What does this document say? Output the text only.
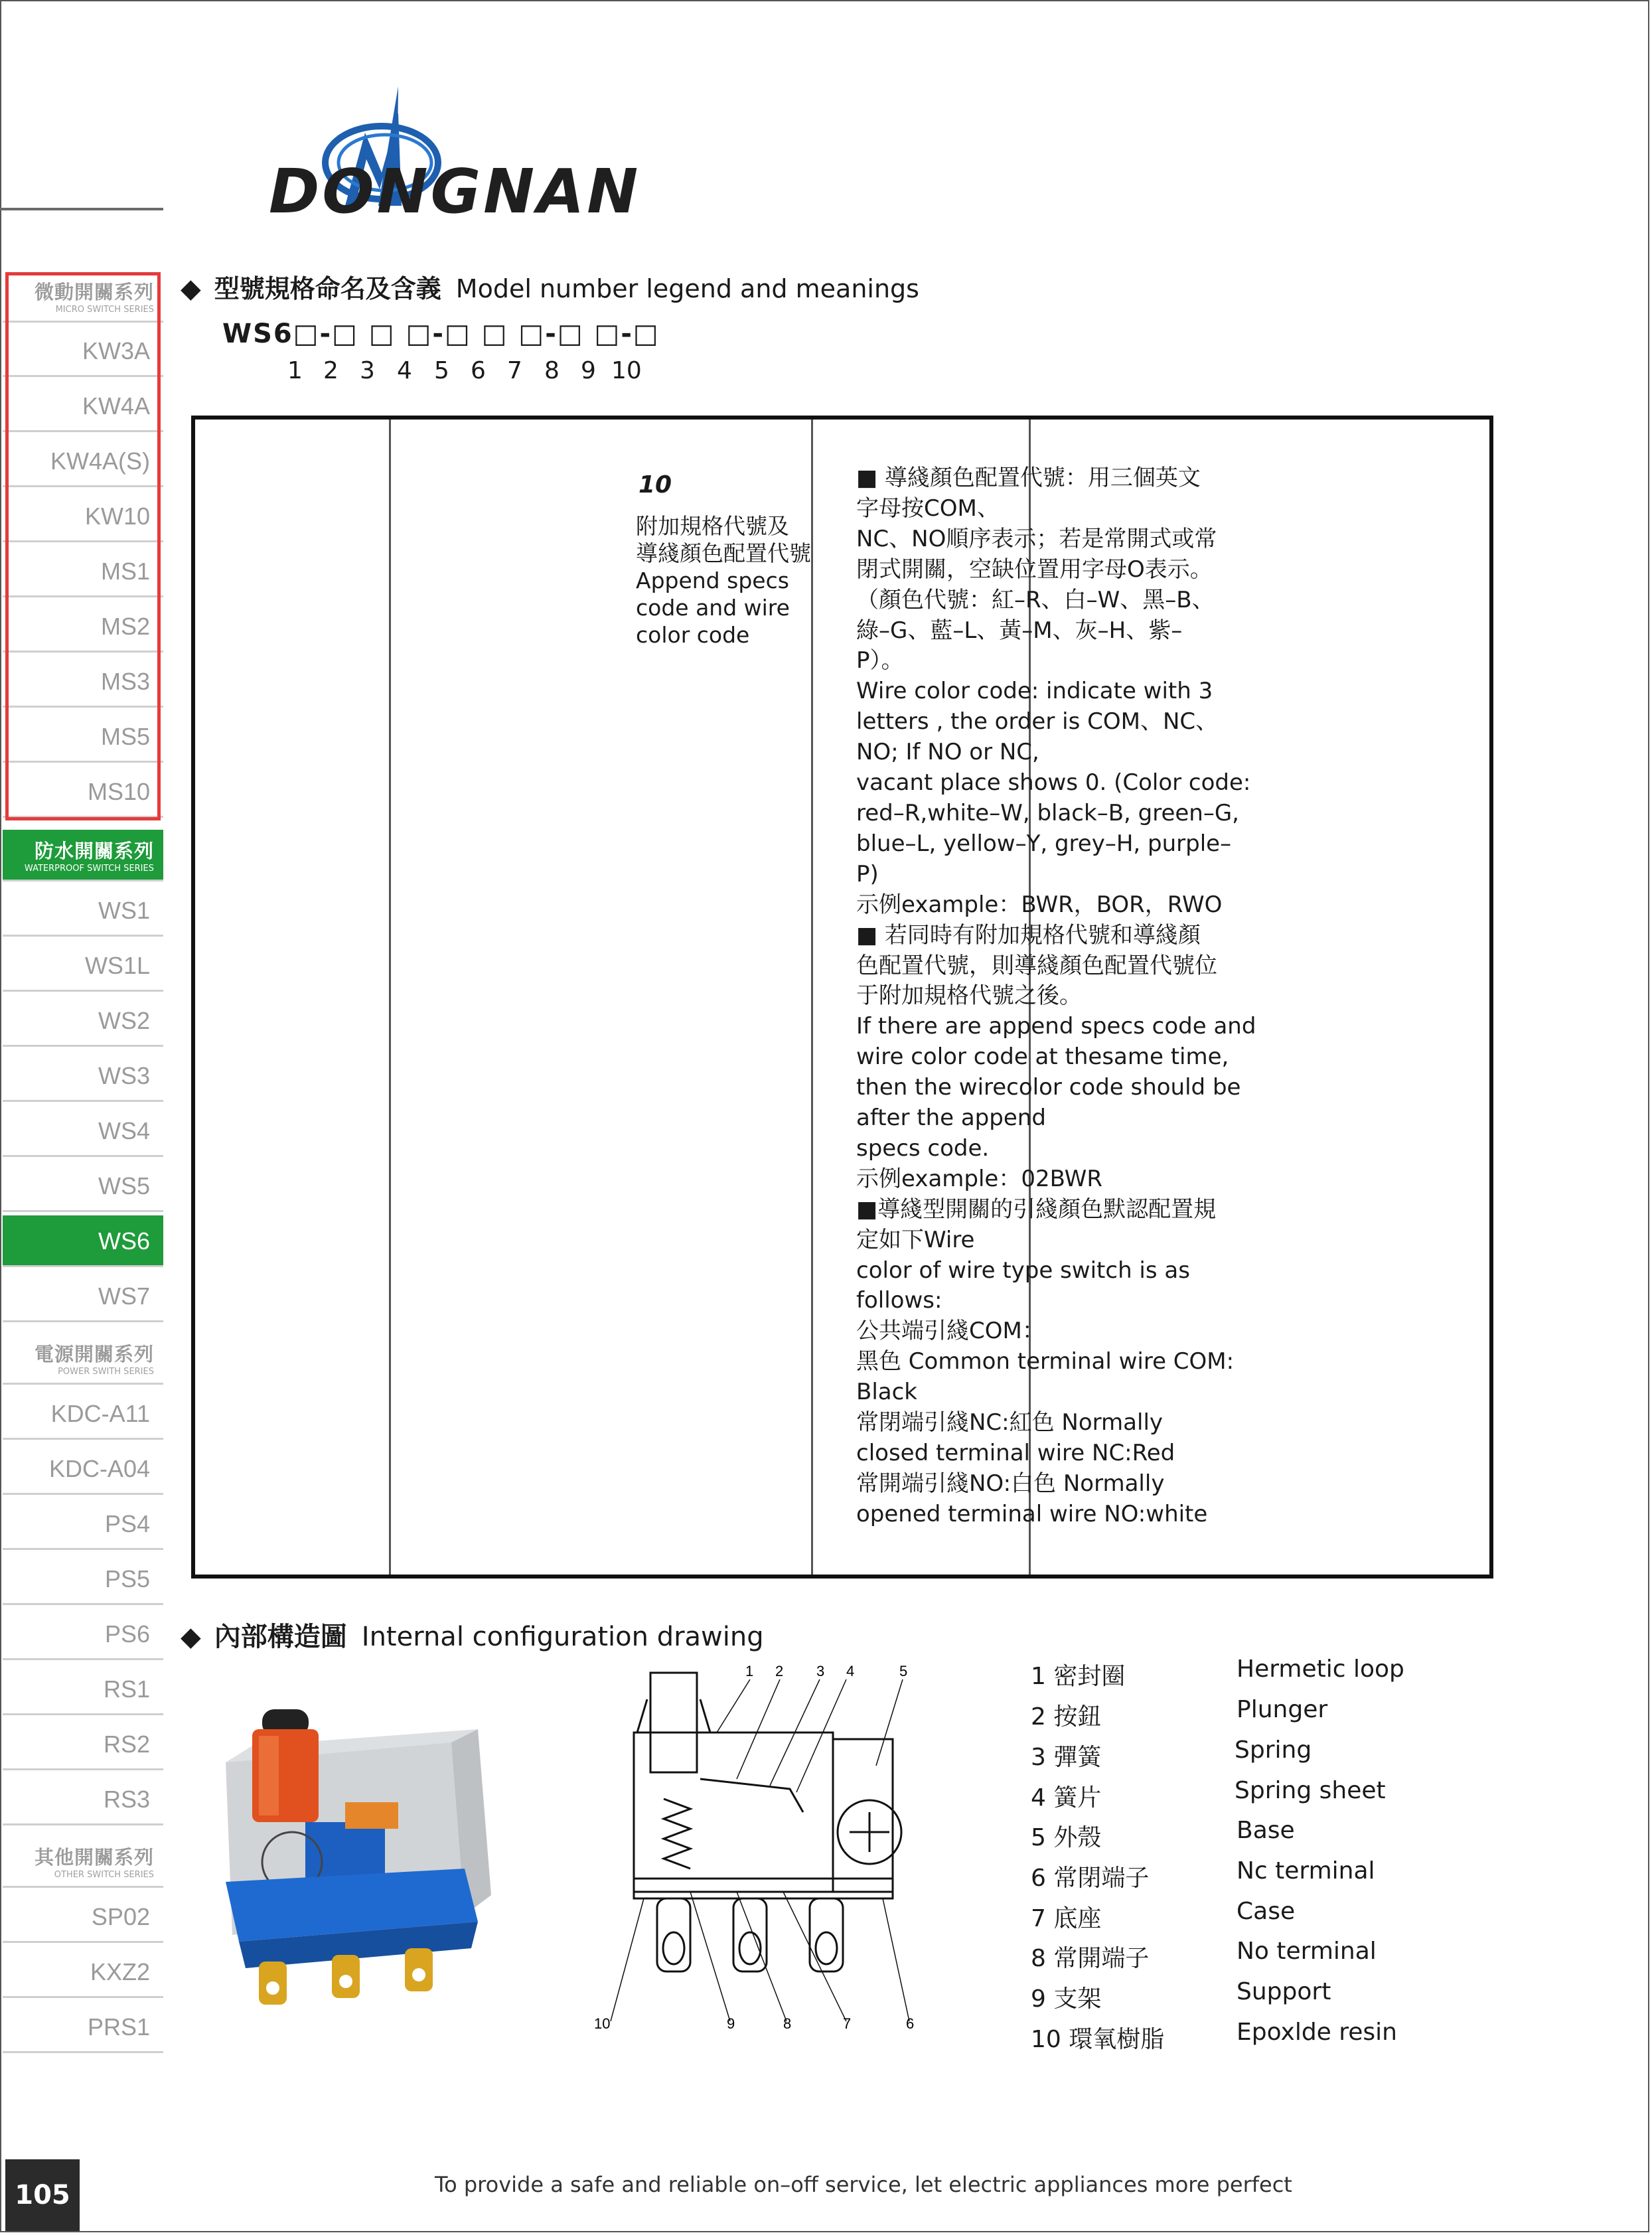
DONGNAN
微動開關系列
MICRO SWITCH SERIES
KW3A
KW4A
KW4A(S)
KW10
MS1
MS2
MS3
MS5
MS10
防水開關系列
WATERPROOF SWITCH SERIES
WS1
WS1L
WS2
WS3
WS4
WS5
WS6
WS7
電源開關系列
POWER SWITH SERIES
KDC-A11
KDC-A04
PS4
PS5
PS6
RS1
RS2
RS3
其他開關系列
OTHER SWITCH SERIES
SP02
KXZ2
PRS1
◆ 型號規格命名及含義 Model number legend and meanings
WS6□-□ □ □-□ □ □-□ □-□
1 2 3 4 5 6 7 8 9 10
10
附加規格代號及
導綫顏色配置代號
Append specs
code and wire
color code

■ 導綫顏色配置代號：用三個英文

字母按COM、

NC、NO順序表示；若是常開式或常

閉式開關，空缺位置用字母O表示。

（顏色代號：紅–R、白–W、黑–B、

綠–G、藍–L、黃–M、灰–H、紫–

P）。

Wire color code: indicate with 3

letters , the order is COM、NC、

NO; If NO or NC,

vacant place shows 0. (Color code:

red–R,white–W, black–B, green–G,

blue–L, yellow–Y, grey–H, purple–

P)

示例example：BWR，BOR，RWO

■ 若同時有附加規格代號和導綫顏

色配置代號，則導綫顏色配置代號位

于附加規格代號之後。

If there are append specs code and

wire color code at thesame time,

then the wirecolor code should be

after the append

specs code.

示例example：02BWR

■導綫型開關的引綫顏色默認配置規

定如下Wire

color of wire type switch is as

follows:

公共端引綫COM：

黑色 Common terminal wire COM:

Black

常閉端引綫NC:紅色 Normally

closed terminal wire NC:Red

常開端引綫NO:白色 Normally

opened terminal wire NO:white

◆ 內部構造圖 Internal configuration drawing
1 2 3 4	5
10	9	8	7	6
1 密封圈	Hermetic loop
2 按鈕	Plunger
3 彈簧	Spring
4 簧片	Spring sheet
5 外殼	Base
6 常閉端子	Nc terminal
7 底座	Case
8 常開端子	No terminal
9 支架	Support
10 環氧樹脂	Epoxlde resin
To provide a safe and reliable on–off service, let electric appliances more perfect
105
